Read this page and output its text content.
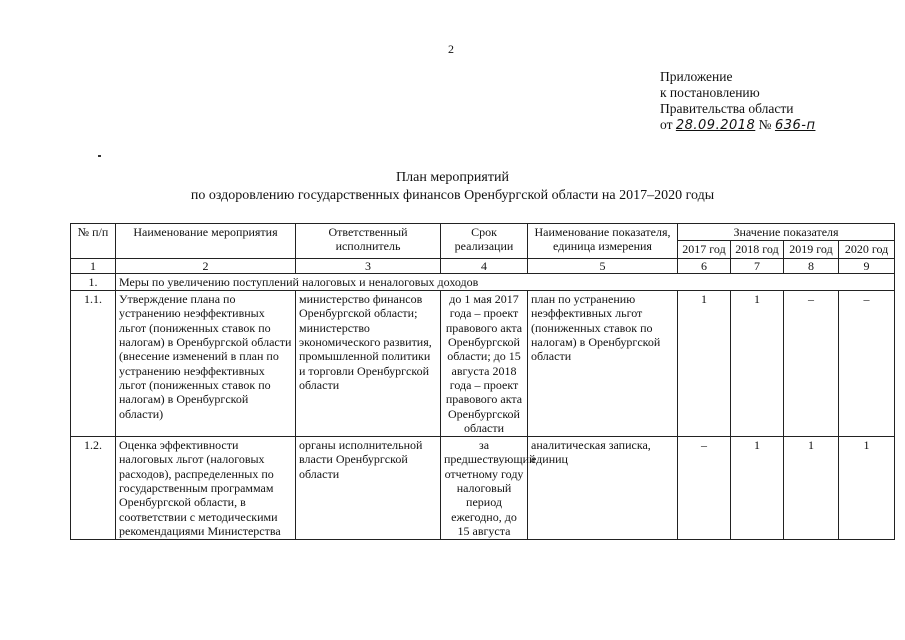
2
Приложение
к постановлению
Правительства области
от 28.09.2018 № 636-п
План мероприятий
по оздоровлению государственных финансов Оренбургской области на 2017–2020 годы
№ п/п	Наименование мероприятия	Ответственный исполнитель	Срок реализации	Наименование показателя, единица измерения	Значение показателя			
					2017 год	2018 год	2019 год	2020 год
1	2	3	4	5	6	7	8	9
1.	Меры по увеличению поступлений налоговых и неналоговых доходов							
1.1.	Утверждение плана по устранению неэффективных льгот (пониженных ставок по налогам) в Оренбургской области (внесение изменений в план по устранению неэффективных льгот (пониженных ставок по налогам) в Оренбургской области)	министерство финансов Оренбургской области; министерство экономического развития, промышленной политики и торговли Оренбургской области	до 1 мая 2017 года – проект правового акта Оренбургской области; до 15 августа 2018 года – проект правового акта Оренбургской области	план по устранению неэффективных льгот (пониженных ставок по налогам) в Оренбургской области	1	1	–	–
1.2.	Оценка эффективности налоговых льгот (налоговых расходов), распределенных по государственным программам Оренбургской области, в соответствии с методическими рекомендациями Министерства	органы исполнительной власти Оренбургской области	за предшествующий отчетному году налоговый период ежегодно, до 15 августа	аналитическая записка, единиц	–	1	1	1
